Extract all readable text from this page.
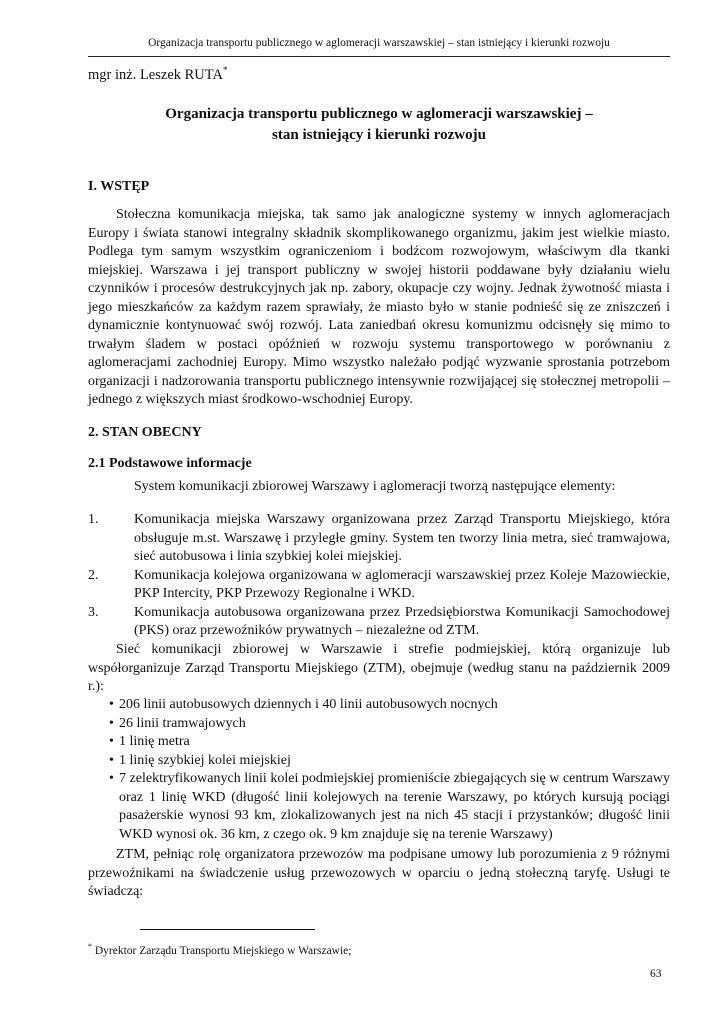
Organizacja transportu publicznego w aglomeracji warszawskiej – stan istniejący i kierunki rozwoju
mgr inż. Leszek RUTA*
Organizacja transportu publicznego w aglomeracji warszawskiej –
stan istniejący i kierunki rozwoju
I. WSTĘP
Stołeczna komunikacja miejska, tak samo jak analogiczne systemy w innych aglomeracjach Europy i świata stanowi integralny składnik skomplikowanego organizmu, jakim jest wielkie miasto. Podlega tym samym wszystkim ograniczeniom i bodźcom rozwojowym, właściwym dla tkanki miejskiej. Warszawa i jej transport publiczny w swojej historii poddawane były działaniu wielu czynników i procesów destrukcyjnych jak np. zabory, okupacje czy wojny. Jednak żywotność miasta i jego mieszkańców za każdym razem sprawiały, że miasto było w stanie podnieść się ze zniszczeń i dynamicznie kontynuować swój rozwój. Lata zaniedbań okresu komunizmu odcisnęły się mimo to trwałym śladem w postaci opóźnień w rozwoju systemu transportowego w porównaniu z aglomeracjami zachodniej Europy. Mimo wszystko należało podjąć wyzwanie sprostania potrzebom organizacji i nadzorowania transportu publicznego intensywnie rozwijającej się stołecznej metropolii – jednego z większych miast środkowo-wschodniej Europy.
2. STAN OBECNY
2.1 Podstawowe informacje
System komunikacji zbiorowej Warszawy i aglomeracji tworzą następujące elementy:
1.	Komunikacja miejska Warszawy organizowana przez Zarząd Transportu Miejskiego, która obsługuje m.st. Warszawę i przyległe gminy. System ten tworzy linia metra, sieć tramwajowa, sieć autobusowa i linia szybkiej kolei miejskiej.
2.	Komunikacja kolejowa organizowana w aglomeracji warszawskiej przez Koleje Mazowieckie, PKP Intercity, PKP Przewozy Regionalne i WKD.
3.	Komunikacja autobusowa organizowana przez Przedsiębiorstwa Komunikacji Samochodowej (PKS) oraz przewoźników prywatnych – niezależne od ZTM.
Sieć komunikacji zbiorowej w Warszawie i strefie podmiejskiej, którą organizuje lub współorganizuje Zarząd Transportu Miejskiego (ZTM), obejmuje (według stanu na październik 2009 r.):
• 206 linii autobusowych dziennych i 40 linii autobusowych nocnych
• 26 linii tramwajowych
• 1 linię metra
• 1 linię szybkiej kolei miejskiej
• 7 zelektryfikowanych linii kolei podmiejskiej promieniście zbiegających się w centrum Warszawy oraz 1 linię WKD (długość linii kolejowych na terenie Warszawy, po których kursują pociągi pasażerskie wynosi 93 km, zlokalizowanych jest na nich 45 stacji i przystanków; długość linii WKD wynosi ok. 36 km, z czego ok. 9 km znajduje się na terenie Warszawy)
ZTM, pełniąc rolę organizatora przewozów ma podpisane umowy lub porozumienia z 9 różnymi przewoźnikami na świadczenie usług przewozowych w oparciu o jedną stołeczną taryfę. Usługi te świadczą:
* Dyrektor Zarządu Transportu Miejskiego w Warszawie;
63
